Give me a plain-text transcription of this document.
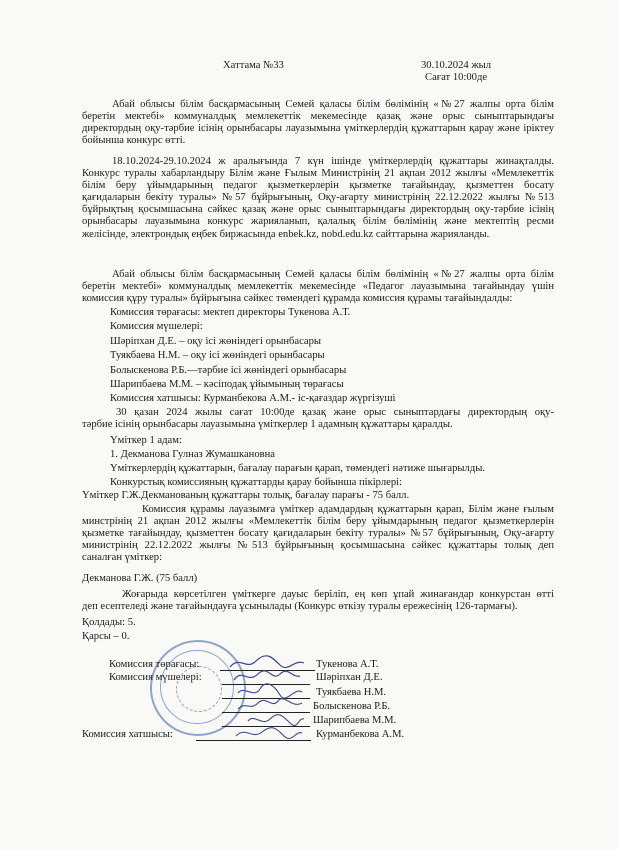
Хаттама №33	30.10.2024 жыл
Сағат 10:00де
Абай облысы білім басқармасының Семей қаласы білім бөлімінің «№27 жалпы орта білім
беретін мектебі» коммуналдық мемлекеттік мекемесінде қазақ және орыс сыныптарындағы
директордың оқу-тәрбие ісінің орынбасары лауазымына үміткерлердің құжаттарын қарау және іріктеу
бойынша конкурс өтті.
18.10.2024-29.10.2024 ж аралығында 7 күн ішінде үміткерлердің құжаттары жинақталды.
Конкурс туралы хабарландыру Білім және Ғылым Министрінің 21 ақпан 2012 жылғы «Мемлекеттік
білім беру ұйымдарының педагог қызметкерлерін қызметке тағайындау, қызметтен босату
қағидаларын бекіту туралы» №57 бұйрығының, Оқу-ағарту министрінің 22.12.2022 жылғы №513
бұйрықтың қосымшасына сәйкес қазақ және орыс сыныптарындағы директордың оқу-тәрбие ісінің
орынбасары лауазымына конкурс жарияланып, қалалық білім бөлімінің және мектептің ресми
желісінде, электрондық еңбек биржасында enbek.kz, nobd.edu.kz сайттарына жарияланды.
Абай облысы білім басқармасының Семей қаласы білім бөлімінің «№27 жалпы орта білім
беретін мектебі» коммуналдық мемлекеттік мекемесінде «Педагог лауазымына тағайындау үшін
комиссия құру туралы» бұйрығына сәйкес төмендегі құрамда комиссия құрамы тағайындалды:
Комиссия төрағасы: мектеп директоры Тукенова А.Т.
Комиссия мүшелері:
Шәріпхан Д.Е. – оқу ісі жөніндегі орынбасары
Туякбаева Н.М. – оқу ісі жөніндегі орынбасары
Болыскенова Р.Б.—тәрбие ісі жөніндегі орынбасары
Шарипбаева М.М. – кәсіподақ ұйымының төрағасы
Комиссия хатшысы: Курманбекова А.М.- іс-қағаздар жүргізуші
30 қазан 2024 жылы сағат 10:00де қазақ және орыс сыныптардағы директордың оқу-
тәрбие ісінің орынбасары лауазымына үміткерлер 1 адамның құжаттары қаралды.
Үміткер 1 адам:
1. Декманова Гулназ Жумашкановна
Үміткерлердің құжаттарын, бағалау парағын қарап, төмендегі нәтиже шығарылды.
Конкурстық комиссияның құжаттарды қарау бойынша пікірлері:
Үміткер Г.Ж.Декманованың құжаттары толық, бағалау парағы - 75 балл.
Комиссия құрамы лауазымға үміткер адамдардың құжаттарын қарап, Білім және ғылым
минстрінің 21 ақпан 2012 жылғы «Мемлекеттік білім беру ұйымдарының педагог қызметкерлерін
қызметке тағайындау, қызметтен босату қағидаларын бекіту туралы» №57 бұйрығының, Оқу-ағарту
министрінің 22.12.2022 жылғы №513 бұйрығының қосымшасына сәйкес құжаттары толық деп
саналған үміткер:
Декманова Г.Ж. (75 балл)
Жоғарыда көрсетілген үміткерге дауыс берілiп, ең көп ұпай жинағандар конкурстан өтті
деп есептеледі және тағайындауға ұсынылады (Конкурс өткізу туралы ережесінің 126-тармағы).
Қолдады: 5.
Қарсы – 0.
Комиссия төрағасы:	Тукенова А.Т.
Комиссия мүшелері:	Шәріпхан Д.Е.
Туякбаева Н.М.
Болыскенова Р.Б.
Шарипбаева М.М.
Комиссия хатшысы:	Курманбекова А.М.
